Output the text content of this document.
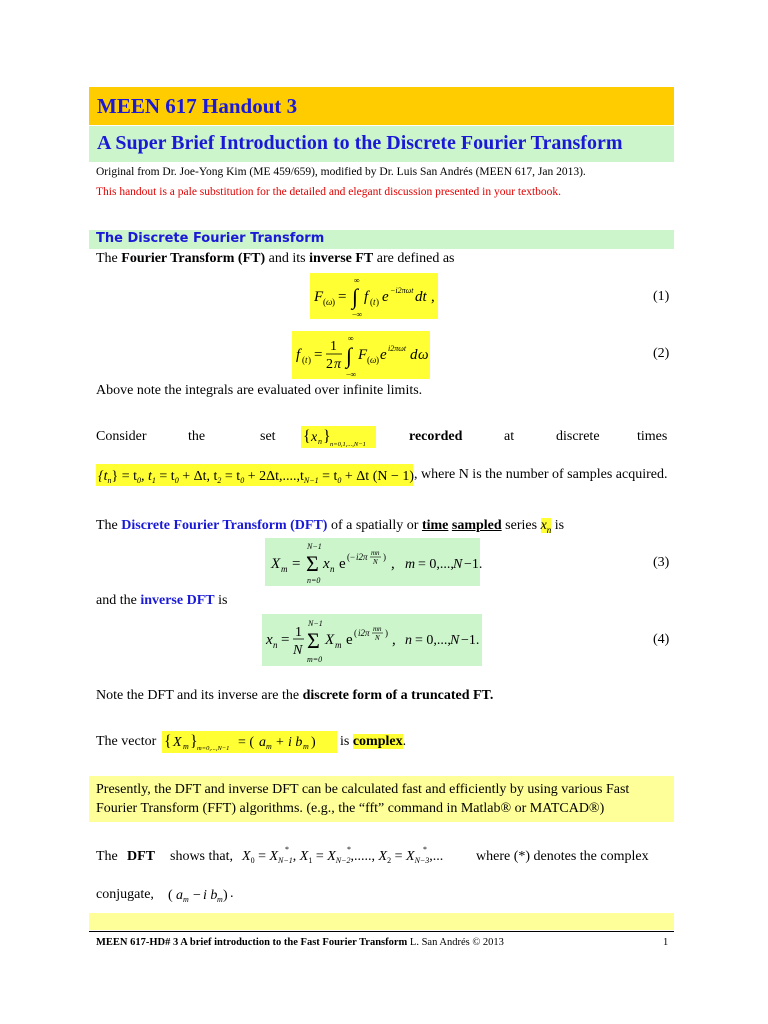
MEEN 617 Handout 3
A Super Brief Introduction to the Discrete Fourier Transform
Original from Dr. Joe-Yong Kim (ME 459/659), modified by Dr. Luis San Andrés (MEEN 617, Jan 2013).
This handout is a pale substitution for the detailed and elegant discussion presented in your textbook.
The Discrete Fourier Transform
The Fourier Transform (FT) and its inverse FT are defined as
F ( ω ) = ∫
∞
−∞
f ( t ) e −i2πωt dt ,	(1)
f ( t ) =
1
2 π ∫
∞
−∞
F ( ω ) e i2πωt d ω	(2)
Above note the integrals are evaluated over infinite limits.
Consider	the	set { x n } n=0,1,...,N−1
recorded	at	discrete	times
$\{t_n\} = t_0$, $t_1 = t_0 + \Delta t$, $t_2 = t_0 + 2\Delta t,....,t_{N-1} = t_0 + \Delta t$ (N − 1) , where N is the number of samples acquired.
The Discrete Fourier Transform (DFT) of a spatially or time sampled series $x_n$ is
X m = Σ
N−1
n=0
x n e (− i2π mn
N ) , m = 0,..., N −1.	(3)
and the inverse DFT is
x n = 1
N Σ
N−1
m=0
X m e ( i2π mn
N ) , n = 0,..., N −1.	(4)
Note the DFT and its inverse are the discrete form of a truncated FT.
The vector { X m } m=0,...,N−1 = ( a m + i b m ) is complex.
Presently, the DFT and inverse DFT can be calculated fast and efficiently by using various Fast
Fourier Transform (FFT) algorithms. (e.g., the “fft” command in Matlab® or MATCAD®)
The DFT shows that, $X_0 = X_{N-1}$, $X_1 = X_{N-2}$,....., $X_2 = X_{N-3}$,...
*	*	*	where (*) denotes the complex
conjugate, ( a m − i b m ) .
MEEN 617-HD# 3 A brief introduction to the Fast Fourier Transform L. San Andrés © 2013	1
